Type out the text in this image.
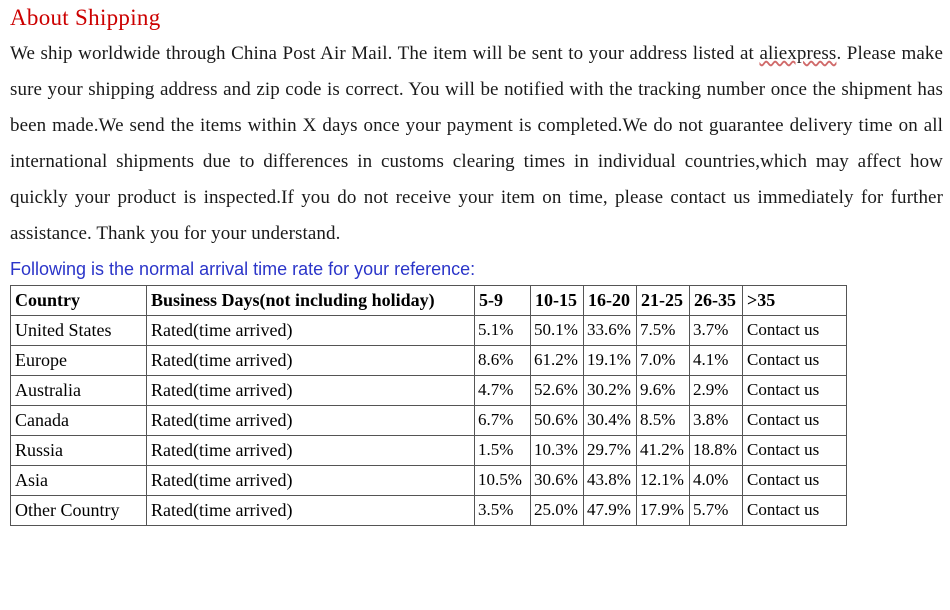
About Shipping

We ship worldwide through China Post Air Mail. The item will be sent to your address listed at aliexpress. Please make sure your shipping address and zip code is correct. You will be notified with the tracking number once the shipment has been made.We send the items within X days once your payment is completed.We do not guarantee delivery time on all international shipments due to differences in customs clearing times in individual countries,which may affect how quickly your product is inspected.If you do not receive your item on time, please contact us immediately for further assistance. Thank you for your understand.

Following is the normal arrival time rate for your reference:

Country	Business Days(not including holiday)	5-9	10-15	16-20	21-25	26-35	>35
United States	Rated(time arrived)	5.1%	50.1%	33.6%	7.5%	3.7%	Contact us
Europe	Rated(time arrived)	8.6%	61.2%	19.1%	7.0%	4.1%	Contact us
Australia	Rated(time arrived)	4.7%	52.6%	30.2%	9.6%	2.9%	Contact us
Canada	Rated(time arrived)	6.7%	50.6%	30.4%	8.5%	3.8%	Contact us
Russia	Rated(time arrived)	1.5%	10.3%	29.7%	41.2%	18.8%	Contact us
Asia	Rated(time arrived)	10.5%	30.6%	43.8%	12.1%	4.0%	Contact us
Other Country	Rated(time arrived)	3.5%	25.0%	47.9%	17.9%	5.7%	Contact us
